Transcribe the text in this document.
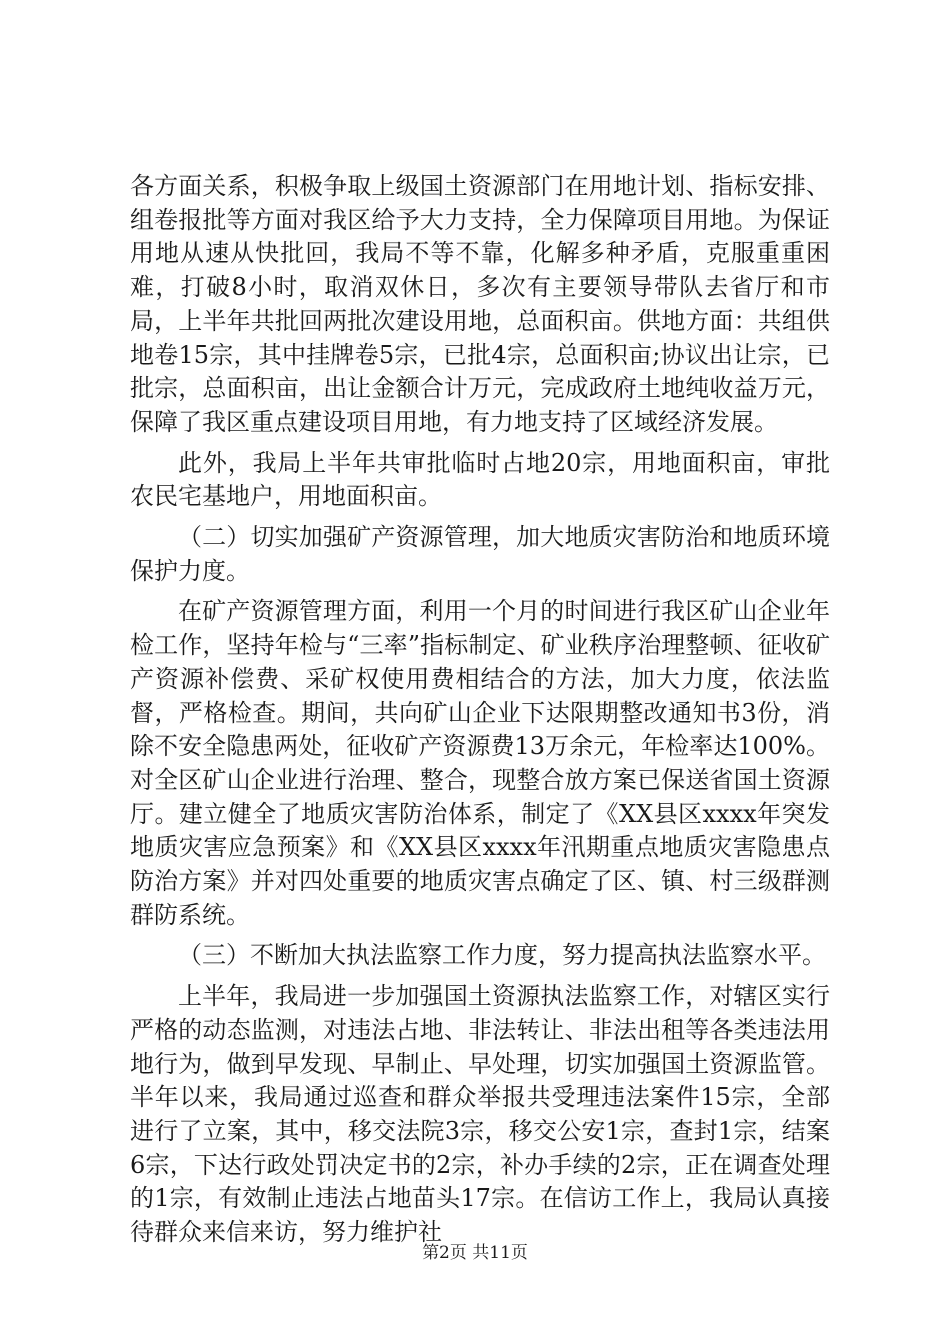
各方面关系，积极争取上级国土资源部门在用地计划、指标安排、组卷报批等方面对我区给予大力支持，全力保障项目用地。为保证用地从速从快批回，我局不等不靠，化解多种矛盾，克服重重困难，打破8小时，取消双休日，多次有主要领导带队去省厅和市局，上半年共批回两批次建设用地，总面积亩。供地方面：共组供地卷15宗，其中挂牌卷5宗，已批4宗，总面积亩;协议出让宗，已批宗，总面积亩，出让金额合计万元，完成政府土地纯收益万元，保障了我区重点建设项目用地，有力地支持了区域经济发展。

此外，我局上半年共审批临时占地20宗，用地面积亩，审批农民宅基地户，用地面积亩。

（二）切实加强矿产资源管理，加大地质灾害防治和地质环境保护力度。

在矿产资源管理方面，利用一个月的时间进行我区矿山企业年检工作，坚持年检与“三率”指标制定、矿业秩序治理整顿、征收矿产资源补偿费、采矿权使用费相结合的方法，加大力度，依法监督，严格检查。期间，共向矿山企业下达限期整改通知书3份，消除不安全隐患两处，征收矿产资源费13万余元，年检率达100%。对全区矿山企业进行治理、整合，现整合放方案已保送省国土资源厅。建立健全了地质灾害防治体系，制定了《XX县区xxxx年突发地质灾害应急预案》和《XX县区xxxx年汛期重点地质灾害隐患点防治方案》并对四处重要的地质灾害点确定了区、镇、村三级群测群防系统。

（三）不断加大执法监察工作力度，努力提高执法监察水平。

上半年，我局进一步加强国土资源执法监察工作，对辖区实行严格的动态监测，对违法占地、非法转让、非法出租等各类违法用地行为，做到早发现、早制止、早处理，切实加强国土资源监管。半年以来，我局通过巡查和群众举报共受理违法案件15宗，全部进行了立案，其中，移交法院3宗，移交公安1宗，查封1宗，结案6宗，下达行政处罚决定书的2宗，补办手续的2宗，正在调查处理的1宗，有效制止违法占地苗头17宗。在信访工作上，我局认真接待群众来信来访，努力维护社

第2页 共11页
